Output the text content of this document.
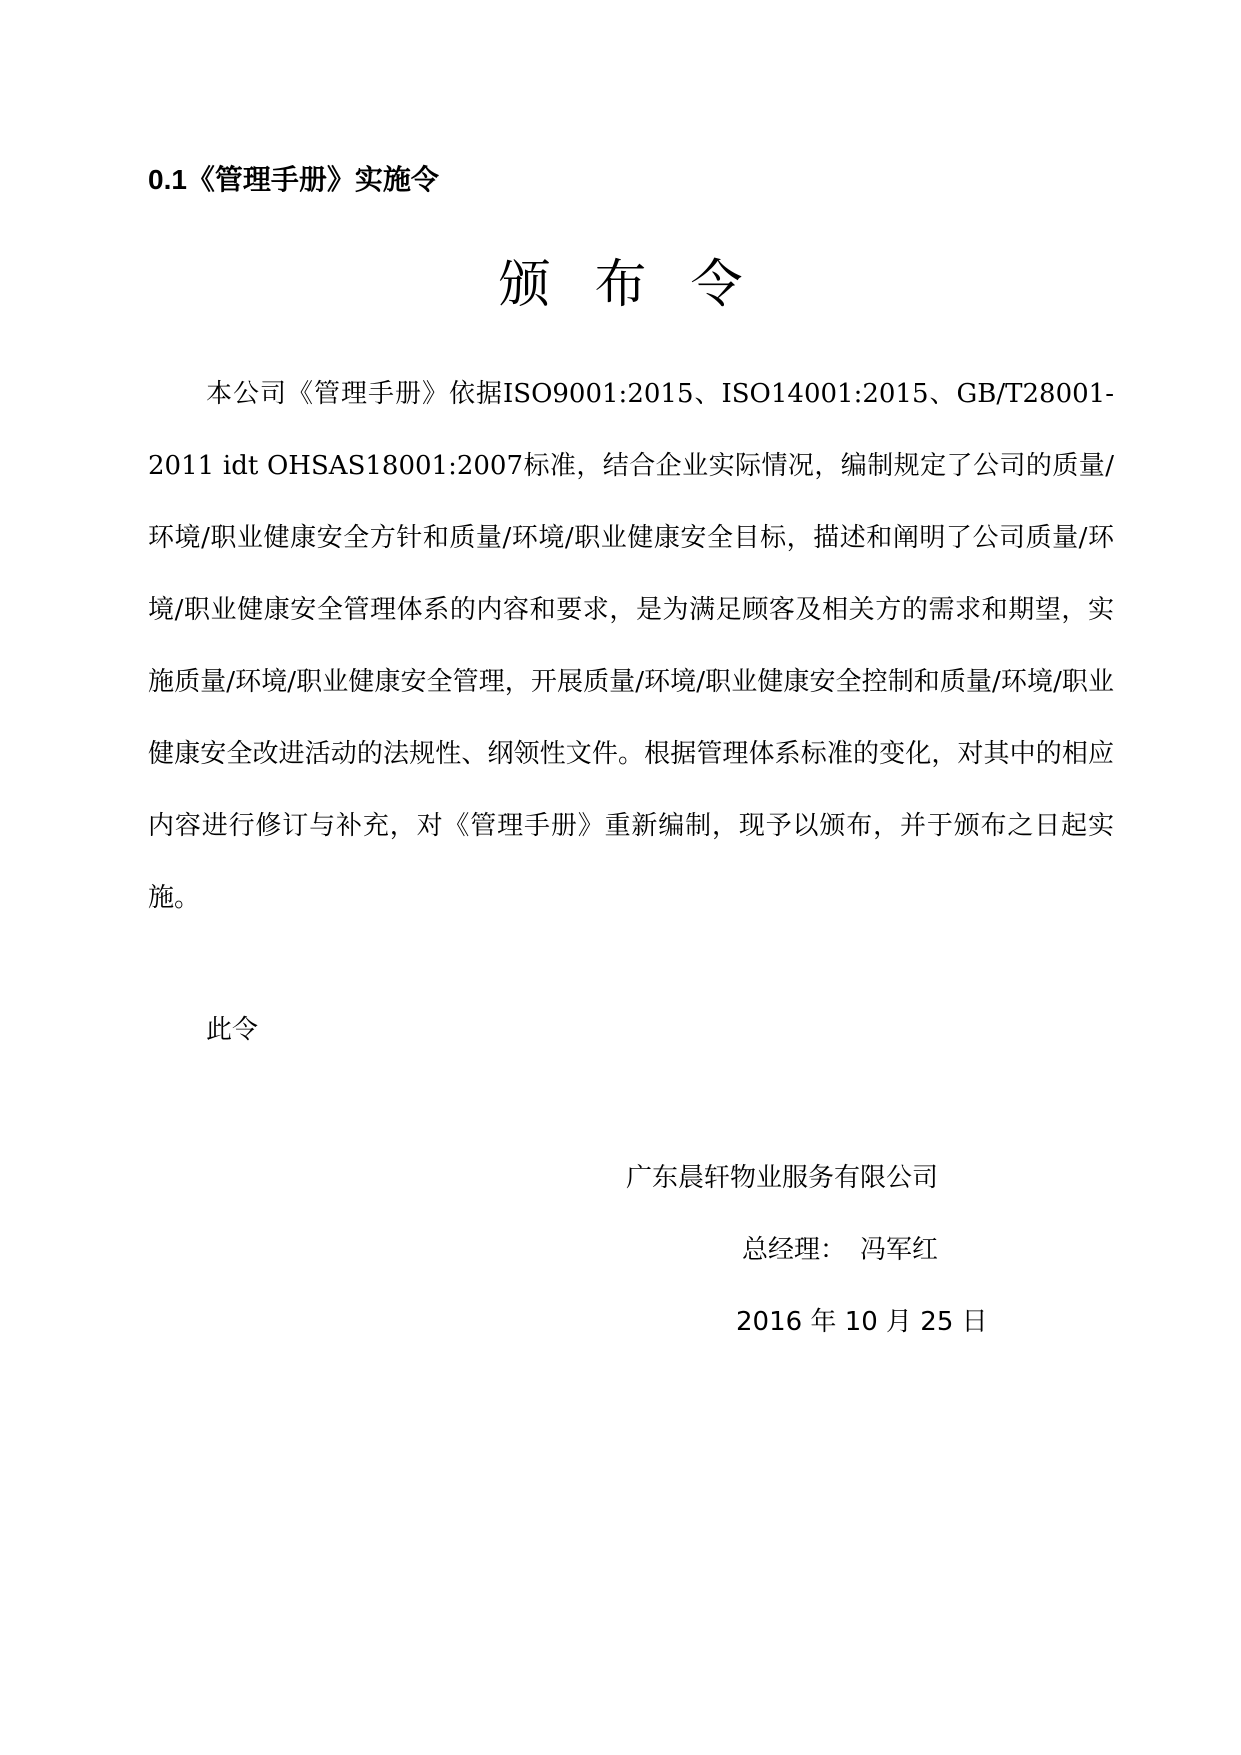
0.1《管理手册》实施令
颁布令
本公司《管理手册》依据ISO9001:2015、ISO14001:2015、GB/T28001-2011 idt OHSAS18001:2007标准，结合企业实际情况，编制规定了公司的质量/环境/职业健康安全方针和质量/环境/职业健康安全目标，描述和阐明了公司质量/环境/职业健康安全管理体系的内容和要求，是为满足顾客及相关方的需求和期望，实施质量/环境/职业健康安全管理，开展质量/环境/职业健康安全控制和质量/环境/职业健康安全改进活动的法规性、纲领性文件。根据管理体系标准的变化，对其中的相应内容进行修订与补充，对《管理手册》重新编制，现予以颁布，并于颁布之日起实施。
此令
广东晨轩物业服务有限公司
总经理： 冯军红
2016 年 10 月 25 日
